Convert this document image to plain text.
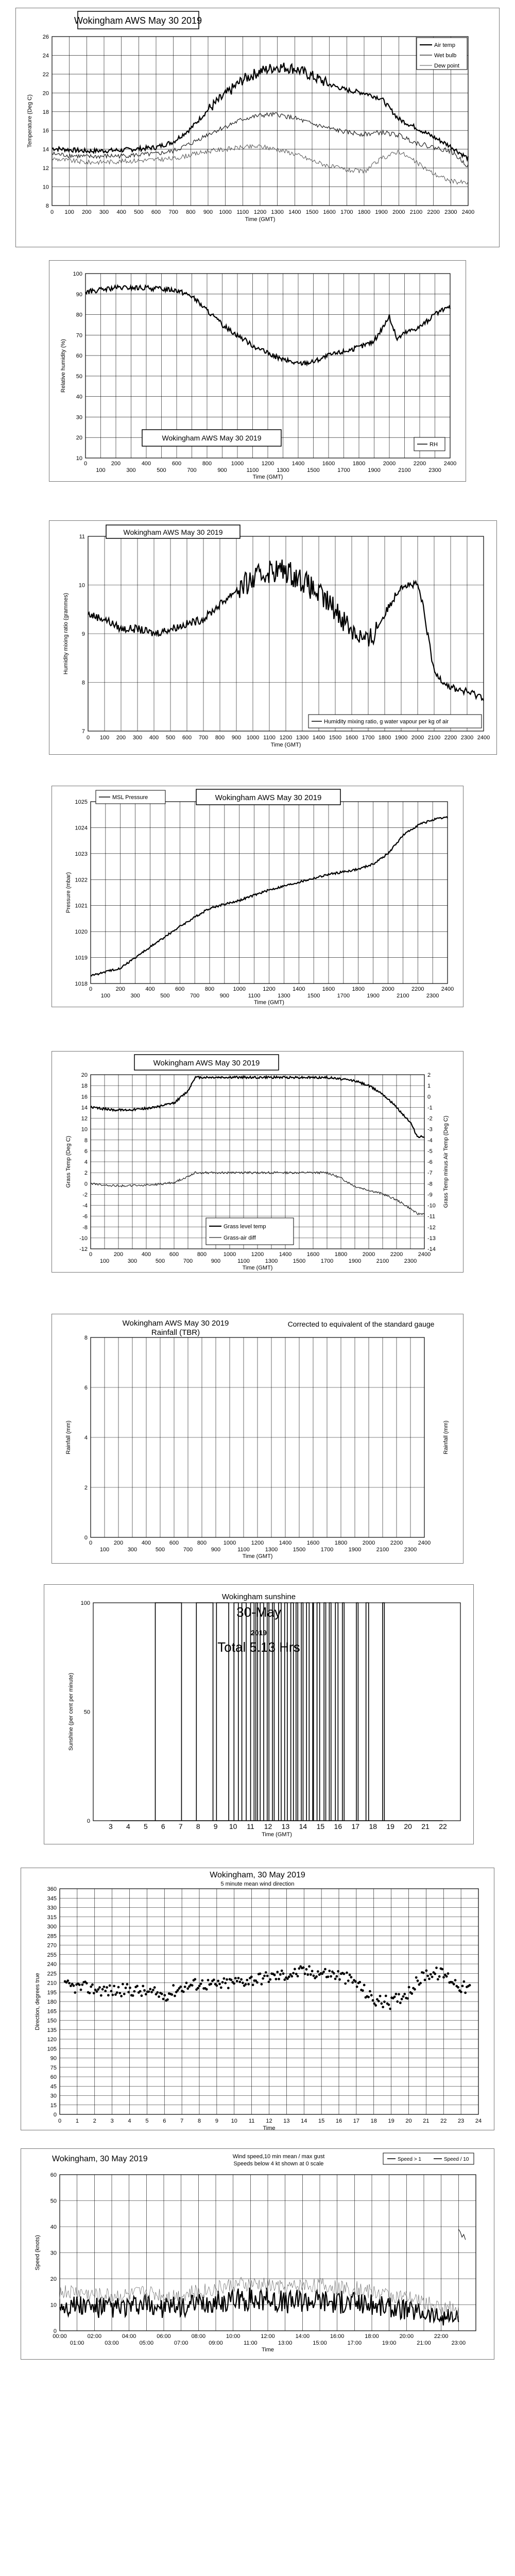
8
10
12
14
16
18
20
22
24
26
0 100 200 300 400 500 600 700 800 900 1000 1100 1200 1300 1400 1500 1600 1700 1800 1900 2000 2100 2200 2300 2400
Time (GMT)
Temperature (Deg C)
Wokingham AWS May 30 2019
Air temp
Wet bulb
Dew point
10
20
30
40
50
60
70
80
90
100
0	200	400	600	800	1000	1200	1400	1600	1800	2000	2200	2400
100	300	500	700	900	1100	1300	1500	1700	1900	2100	2300
Time (GMT)
Relative humidity (%)
Wokingham AWS May 30 2019
RH
7
8
9
10
11
0 100 200 300 400 500 600 700 800 900 1000 1100 1200 1300 1400 1500 1600 1700 1800 1900 2000 2100 2200 2300 2400
Time (GMT)
Humidity mixing ratio (grammes)
Wokingham AWS May 30 2019
Humidity mixing ratio, g water vapour per kg of air
1018
1019
1020
1021
1022
1023
1024
1025
0	200	400	600	800	1000	1200	1400	1600	1800	2000	2200	2400
100	300	500	700	900	1100	1300	1500	1700	1900	2100	2300
Time (GMT)
Pressure (mbar)
MSL Pressure	Wokingham AWS May 30 2019
-12
-10
-8
-6
-4
-2
0
2
4
6
8
10
12
14
16
18
20
-14
-13
-12
-11
-10
-9
-8
-7
-6
-5
-4
-3
-2
-1
0
1
2
0	200	400	600	800	1000	1200	1400	1600	1800	2000	2200	2400
100	300	500	700	900	1100	1300	1500	1700	1900	2100	2300
Time (GMT)
Grass Temp (Deg C)	Grass Temp minus Air Temp (Deg C)
Wokingham AWS May 30 2019
Grass level temp
Grass-air diff
0
2
4
6
8
0	200	400	600	800	1000	1200	1400	1600	1800	2000	2200	2400
100	300	500	700	900	1100	1300	1500	1700	1900	2100	2300
Time (GMT)
Rainfall (mm)	Rainfall (mm)
Wokingham AWS May 30 2019
Rainfall (TBR)
Corrected to equivalent of the standard gauge
0
50
100
3 4 5 6 7 8 9 10 11 12 13 14 15 16 17 18 19 20 21 22
Time (GMT)
Sunshine (per cent per minute)
Wokingham sunshine
30-May
2019
Total 5.13 Hrs
0
15
30
45
60
75
90
105
120
135
150
165
180
195
210
225
240
255
270
285
300
315
330
345
360
0	1	2	3	4	5	6	7	8	9 10 11 12 13 14 15 16 17 18 19 20 21 22 23 24
Time
Direction, degrees true
Wokingham, 30 May 2019
5 minute mean wind direction
0
10
20
30
40
50
60
00:00	02:00	04:00	06:00	08:00	10:00	12:00	14:00	16:00	18:00	20:00	22:00
01:00	03:00	05:00	07:00	09:00	11:00	13:00	15:00	17:00	19:00	21:00	23:00
Time
Speed (knots)
Wokingham, 30 May 2019	Wind speed,10 min mean / max gust
Speeds below 4 kt shown at 0 scale
Speed > 1	Speed / 10
